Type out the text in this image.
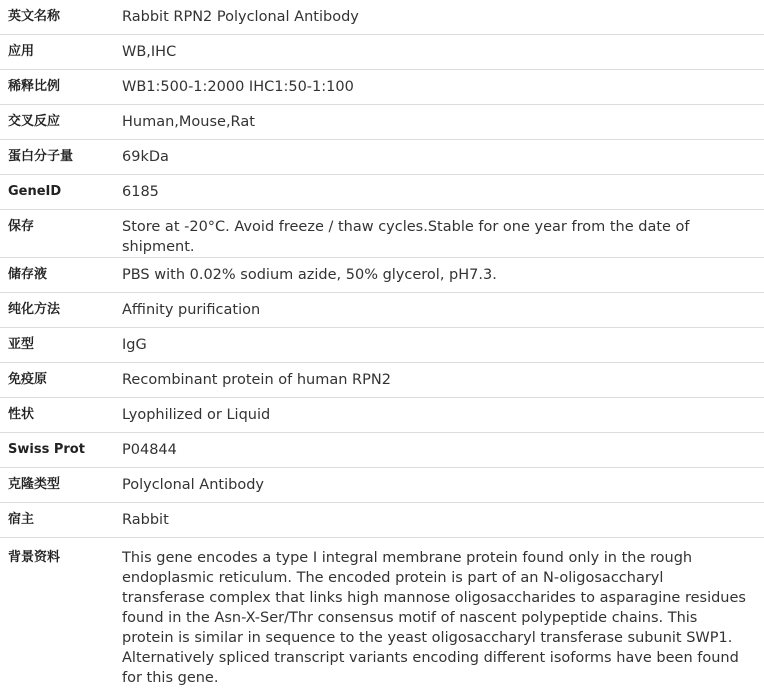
英文名称	Rabbit RPN2 Polyclonal Antibody
应用	WB,IHC
稀释比例	WB1:500-1:2000 IHC1:50-1:100
交叉反应	Human,Mouse,Rat
蛋白分子量	69kDa
GeneID	6185
保存	Store at -20°C. Avoid freeze / thaw cycles.Stable for one year from the date of shipment.
储存液	PBS with 0.02% sodium azide, 50% glycerol, pH7.3.
纯化方法	Affinity purification
亚型	IgG
免疫原	Recombinant protein of human RPN2
性状	Lyophilized or Liquid
Swiss Prot	P04844
克隆类型	Polyclonal Antibody
宿主	Rabbit
背景资料	This gene encodes a type I integral membrane protein found only in the rough endoplasmic reticulum. The encoded protein is part of an N-oligosaccharyl transferase complex that links high mannose oligosaccharides to asparagine residues found in the Asn-X-Ser/Thr consensus motif of nascent polypeptide chains. This protein is similar in sequence to the yeast oligosaccharyl transferase subunit SWP1. Alternatively spliced transcript variants encoding different isoforms have been found for this gene.
